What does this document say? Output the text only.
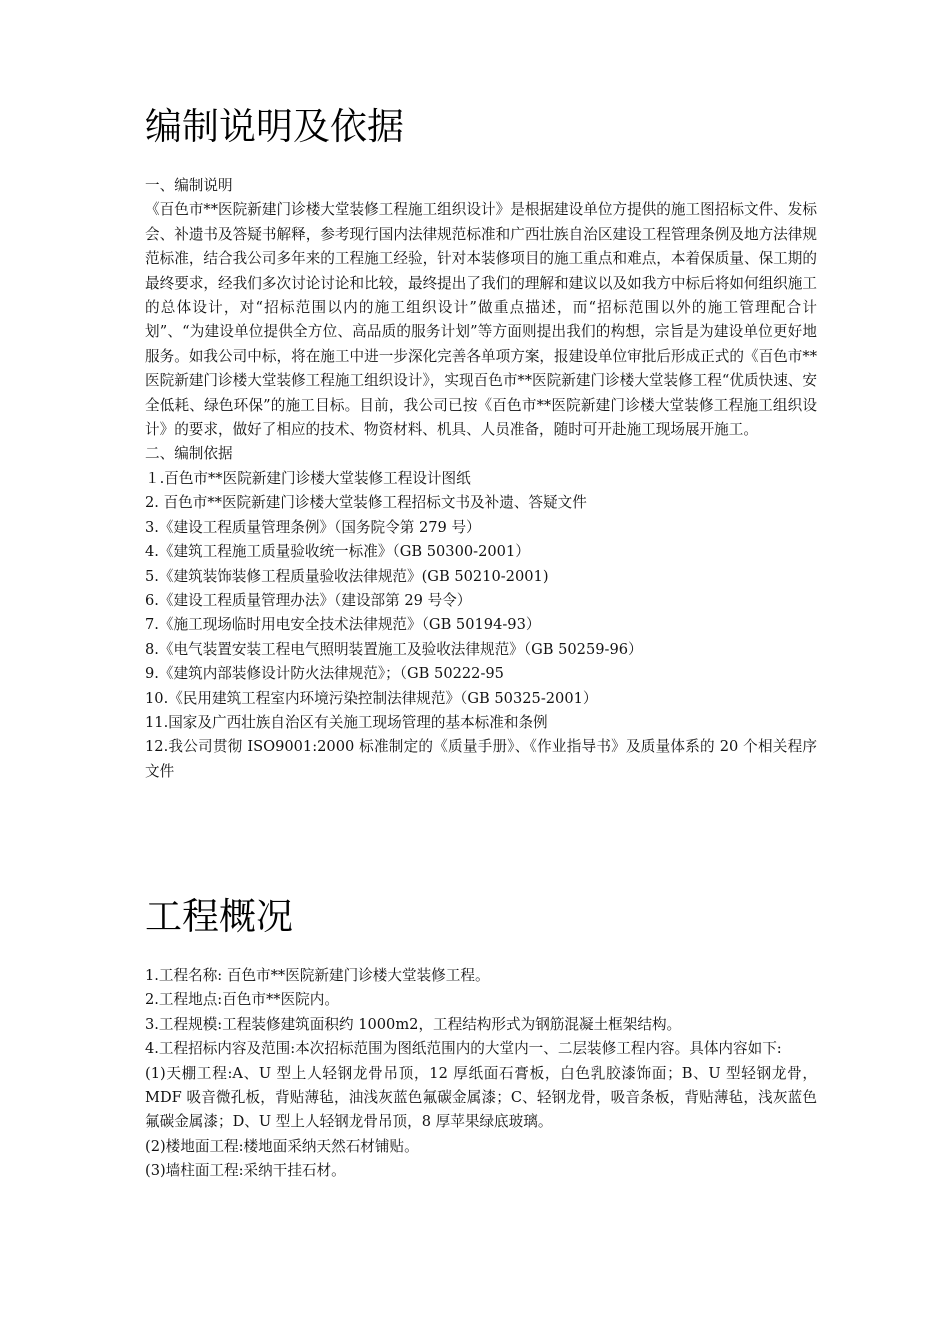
编制说明及依据

一、编制说明

《百色市**医院新建门诊楼大堂装修工程施工组织设计》是根据建设单位方提供的施工图招标文件、发标会、补遗书及答疑书解释，参考现行国内法律规范标准和广西壮族自治区建设工程管理条例及地方法律规范标准，结合我公司多年来的工程施工经验，针对本装修项目的施工重点和难点，本着保质量、保工期的最终要求，经我们多次讨论讨论和比较，最终提出了我们的理解和建议以及如我方中标后将如何组织施工的总体设计，对“招标范围以内的施工组织设计”做重点描述，而“招标范围以外的施工管理配合计划”、“为建设单位提供全方位、高品质的服务计划”等方面则提出我们的构想，宗旨是为建设单位更好地服务。如我公司中标，将在施工中进一步深化完善各单项方案，报建设单位审批后形成正式的《百色市**医院新建门诊楼大堂装修工程施工组织设计》，实现百色市**医院新建门诊楼大堂装修工程“优质快速、安全低耗、绿色环保”的施工目标。目前，我公司已按《百色市**医院新建门诊楼大堂装修工程施工组织设计》的要求，做好了相应的技术、物资材料、机具、人员准备，随时可开赴施工现场展开施工。

二、编制依据

１.百色市**医院新建门诊楼大堂装修工程设计图纸

2. 百色市**医院新建门诊楼大堂装修工程招标文书及补遗、答疑文件

3.《建设工程质量管理条例》（国务院令第 279 号）

4.《建筑工程施工质量验收统一标准》（GB 50300-2001）

5.《建筑装饰装修工程质量验收法律规范》(GB 50210-2001)

6.《建设工程质量管理办法》（建设部第 29 号令）

7.《施工现场临时用电安全技术法律规范》（GB 50194-93）

8.《电气装置安装工程电气照明装置施工及验收法律规范》（GB 50259-96）

9.《建筑内部装修设计防火法律规范》；（GB 50222-95

10.《民用建筑工程室内环境污染控制法律规范》（GB 50325-2001）

11.国家及广西壮族自治区有关施工现场管理的基本标准和条例

12.我公司贯彻 ISO9001:2000 标准制定的《质量手册》、《作业指导书》及质量体系的 20 个相关程序文件

工程概况

1.工程名称: 百色市**医院新建门诊楼大堂装修工程。

2.工程地点:百色市**医院内。

3.工程规模:工程装修建筑面积约 1000m2，工程结构形式为钢筋混凝土框架结构。

4.工程招标内容及范围:本次招标范围为图纸范围内的大堂内一、二层装修工程内容。具体内容如下:

(1)天棚工程:A、U 型上人轻钢龙骨吊顶，12 厚纸面石膏板，白色乳胶漆饰面；B、U 型轻钢龙骨，MDF 吸音微孔板，背贴薄毡，油浅灰蓝色氟碳金属漆；C、轻钢龙骨，吸音条板，背贴薄毡，浅灰蓝色氟碳金属漆；D、U 型上人轻钢龙骨吊顶，8 厚苹果绿底玻璃。

(2)楼地面工程:楼地面采纳天然石材铺贴。

(3)墙柱面工程:采纳干挂石材。
